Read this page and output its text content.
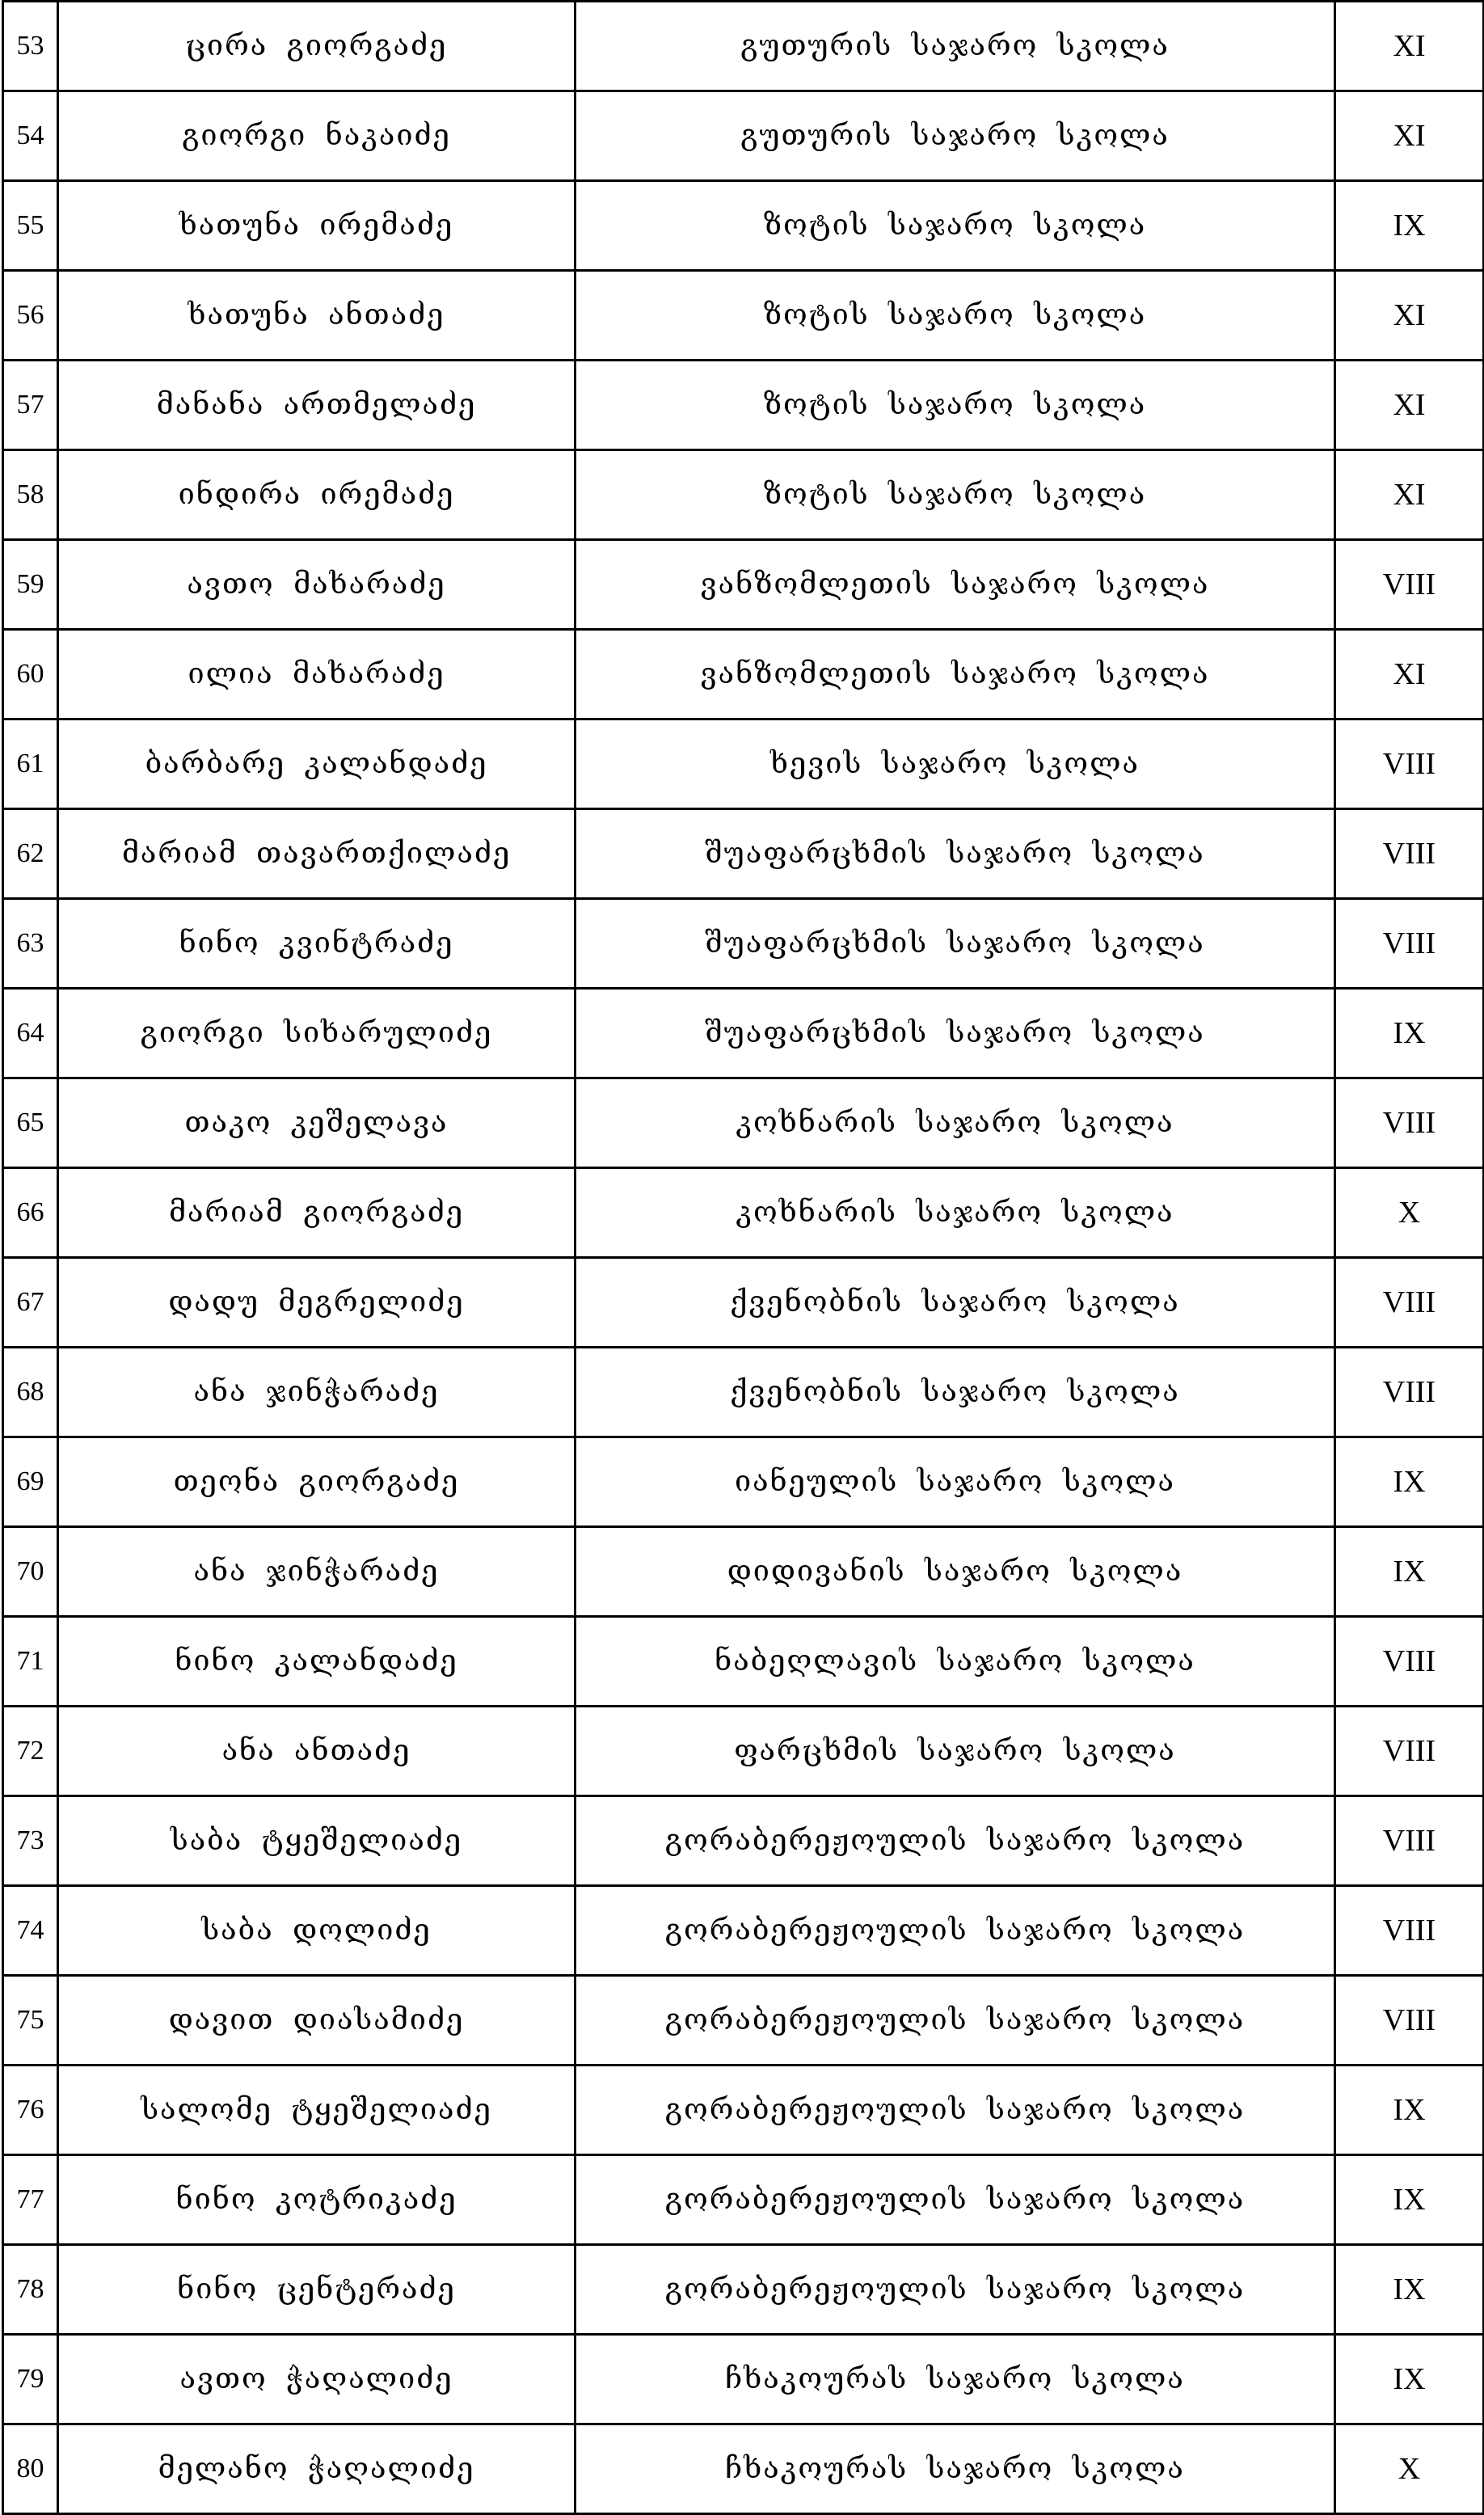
53	ცირა გიორგაძე	გუთურის საჯარო სკოლა	XI
54	გიორგი ნაკაიძე	გუთურის საჯარო სკოლა	XI
55	ხათუნა ირემაძე	ზოტის საჯარო სკოლა	IX
56	ხათუნა ანთაძე	ზოტის საჯარო სკოლა	XI
57	მანანა ართმელაძე	ზოტის საჯარო სკოლა	XI
58	ინდირა ირემაძე	ზოტის საჯარო სკოლა	XI
59	ავთო მახარაძე	ვანზომლეთის საჯარო სკოლა	VIII
60	ილია მახარაძე	ვანზომლეთის საჯარო სკოლა	XI
61	ბარბარე კალანდაძე	ხევის საჯარო სკოლა	VIII
62	მარიამ თავართქილაძე	შუაფარცხმის საჯარო სკოლა	VIII
63	ნინო კვინტრაძე	შუაფარცხმის საჯარო სკოლა	VIII
64	გიორგი სიხარულიძე	შუაფარცხმის საჯარო სკოლა	IX
65	თაკო კეშელავა	კოხნარის საჯარო სკოლა	VIII
66	მარიამ გიორგაძე	კოხნარის საჯარო სკოლა	X
67	დადუ მეგრელიძე	ქვენობნის საჯარო სკოლა	VIII
68	ანა ჯინჭარაძე	ქვენობნის საჯარო სკოლა	VIII
69	თეონა გიორგაძე	იანეულის საჯარო სკოლა	IX
70	ანა ჯინჭარაძე	დიდივანის საჯარო სკოლა	IX
71	ნინო კალანდაძე	ნაბეღლავის საჯარო სკოლა	VIII
72	ანა ანთაძე	ფარცხმის საჯარო სკოლა	VIII
73	საბა ტყეშელიაძე	გორაბერეჟოულის საჯარო სკოლა	VIII
74	საბა დოლიძე	გორაბერეჟოულის საჯარო სკოლა	VIII
75	დავით დიასამიძე	გორაბერეჟოულის საჯარო სკოლა	VIII
76	სალომე ტყეშელიაძე	გორაბერეჟოულის საჯარო სკოლა	IX
77	ნინო კოტრიკაძე	გორაბერეჟოულის საჯარო სკოლა	IX
78	ნინო ცენტერაძე	გორაბერეჟოულის საჯარო სკოლა	IX
79	ავთო ჭაღალიძე	ჩხაკოურას საჯარო სკოლა	IX
80	მელანო ჭაღალიძე	ჩხაკოურას საჯარო სკოლა	X
